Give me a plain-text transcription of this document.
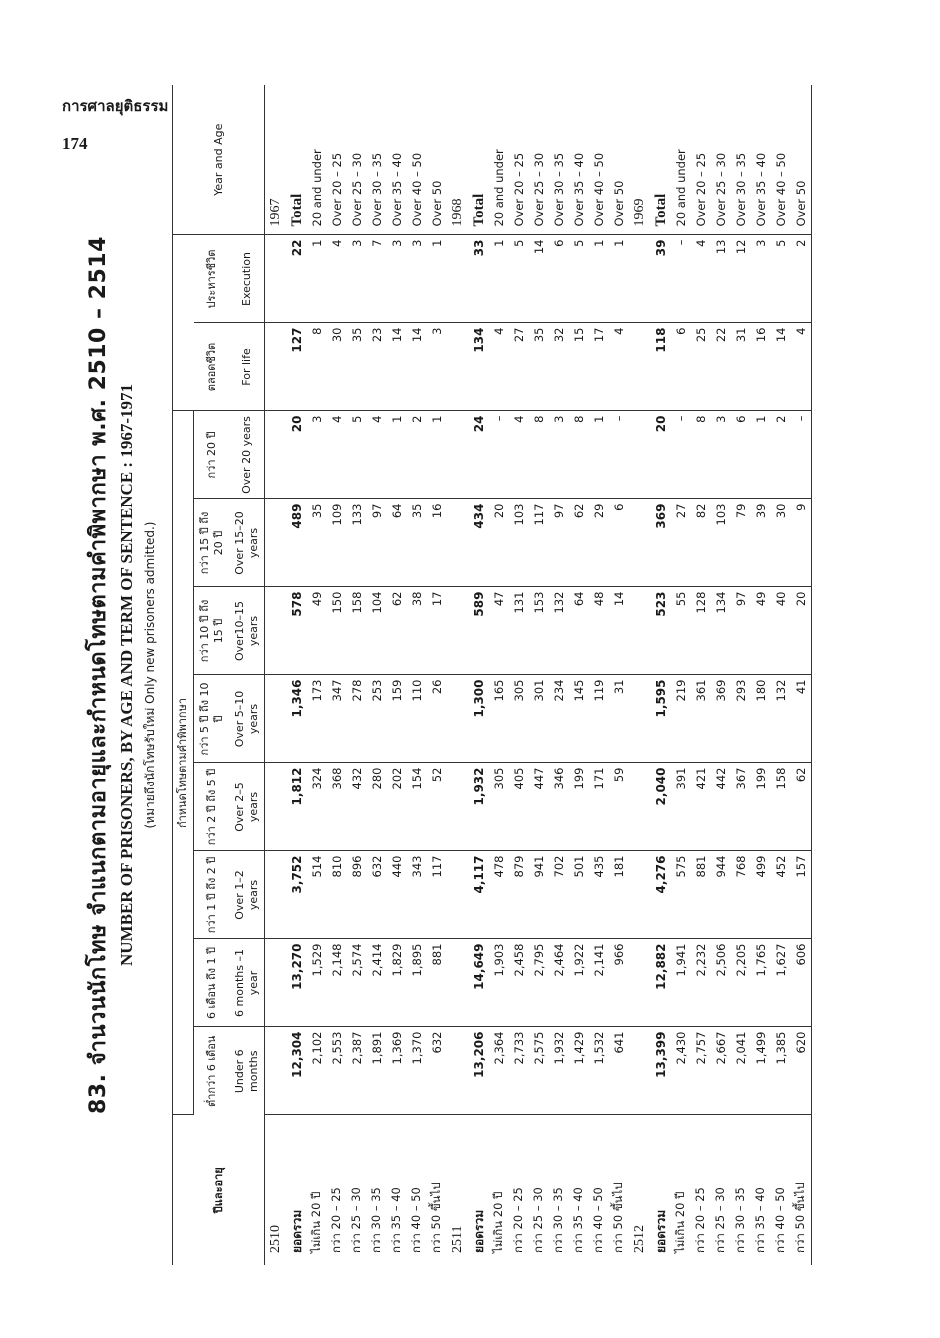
การศาลยุติธรรม
174
83. จำนวนนักโทษ จำแนกตามอายุและกำหนดโทษตามคำพิพากษา พ.ศ. 2510 – 2514 NUMBER OF PRISONERS, BY AGE AND TERM OF SENTENCE : 1967-1971 (หมายถึงนักโทษรับใหม่ Only new prisoners admitted.)
ปีและอายุ	กำหนดโทษตามคำพิพากษา										Year and Age
	ต่ำกว่า 6 เดือน	6 เดือน ถึง 1 ปี	กว่า 1 ปี ถึง 2 ปี	กว่า 2 ปี ถึง 5 ปี	กว่า 5 ปี ถึง 10 ปี	กว่า 10 ปี ถึง 15 ปี	กว่า 15 ปี ถึง 20 ปี	กว่า 20 ปี	ตลอดชีวิต	ประหารชีวิต	
	Under 6 months	6 months –1 year	Over 1–2 years	Over 2–5 years	Over 5–10 years	Over10–15 years	Over 15–20 years	Over 20 years	For life	Execution	
2510											1967
ยอดรวม	12,304	13,270	3,752	1,812	1,346	578	489	20	127	22	Total
ไม่เกิน 20 ปี	2,102	1,529	514	324	173	49	35	3	8	1	20 and under
กว่า 20 – 25	2,553	2,148	810	368	347	150	109	4	30	4	Over 20 – 25
กว่า 25 – 30	2,387	2,574	896	432	278	158	133	5	35	3	Over 25 – 30
กว่า 30 – 35	1,891	2,414	632	280	253	104	97	4	23	7	Over 30 – 35
กว่า 35 – 40	1,369	1,829	440	202	159	62	64	1	14	3	Over 35 – 40
กว่า 40 – 50	1,370	1,895	343	154	110	38	35	2	14	3	Over 40 – 50
กว่า 50 ขึ้นไป	632	881	117	52	26	17	16	1	3	1	Over 50
2511											1968
ยอดรวม	13,206	14,649	4,117	1,932	1,300	589	434	24	134	33	Total
ไม่เกิน 20 ปี	2,364	1,903	478	305	165	47	20	–	4	1	20 and under
กว่า 20 – 25	2,733	2,458	879	405	305	131	103	4	27	5	Over 20 – 25
กว่า 25 – 30	2,575	2,795	941	447	301	153	117	8	35	14	Over 25 – 30
กว่า 30 – 35	1,932	2,464	702	346	234	132	97	3	32	6	Over 30 – 35
กว่า 35 – 40	1,429	1,922	501	199	145	64	62	8	15	5	Over 35 – 40
กว่า 40 – 50	1,532	2,141	435	171	119	48	29	1	17	1	Over 40 – 50
กว่า 50 ขึ้นไป	641	966	181	59	31	14	6	–	4	1	Over 50
2512											1969
ยอดรวม	13,399	12,882	4,276	2,040	1,595	523	369	20	118	39	Total
ไม่เกิน 20 ปี	2,430	1,941	575	391	219	55	27	–	6	–	20 and under
กว่า 20 – 25	2,757	2,232	881	421	361	128	82	8	25	4	Over 20 – 25
กว่า 25 – 30	2,667	2,506	944	442	369	134	103	3	22	13	Over 25 – 30
กว่า 30 – 35	2,041	2,205	768	367	293	97	79	6	31	12	Over 30 – 35
กว่า 35 – 40	1,499	1,765	499	199	180	49	39	1	16	3	Over 35 – 40
กว่า 40 – 50	1,385	1,627	452	158	132	40	30	2	14	5	Over 40 – 50
กว่า 50 ขึ้นไป	620	606	157	62	41	20	9	–	4	2	Over 50
